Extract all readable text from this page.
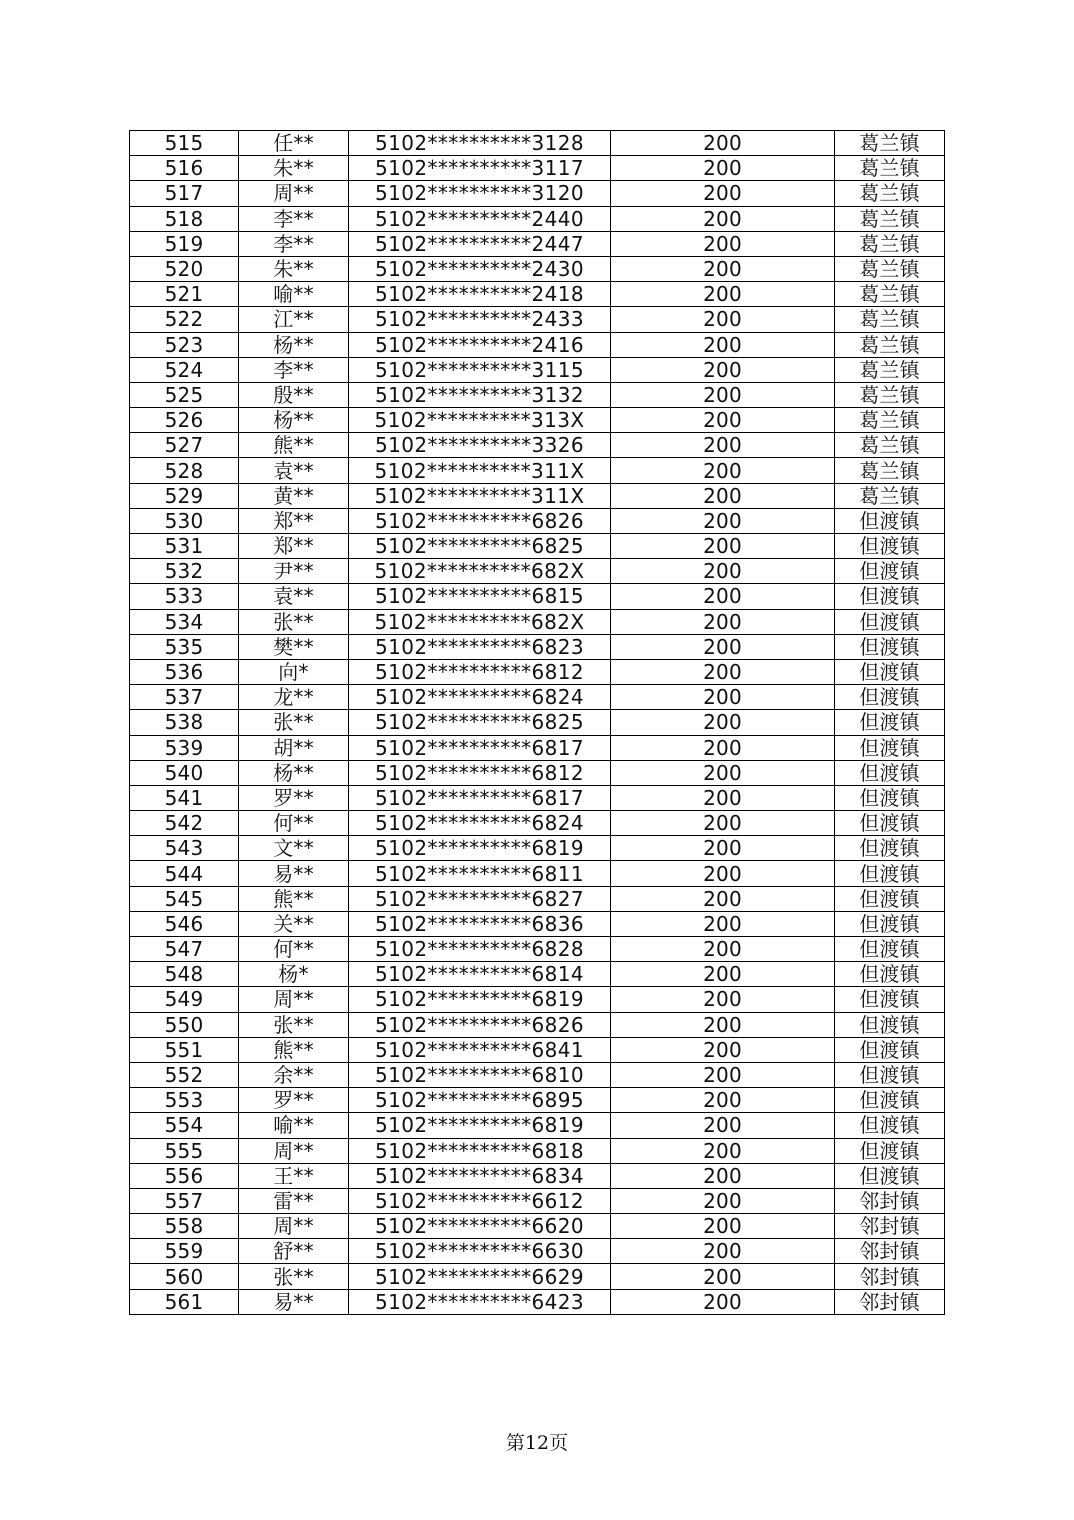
515	任**	5102**********3128	200	葛兰镇
516	朱**	5102**********3117	200	葛兰镇
517	周**	5102**********3120	200	葛兰镇
518	李**	5102**********2440	200	葛兰镇
519	李**	5102**********2447	200	葛兰镇
520	朱**	5102**********2430	200	葛兰镇
521	喻**	5102**********2418	200	葛兰镇
522	江**	5102**********2433	200	葛兰镇
523	杨**	5102**********2416	200	葛兰镇
524	李**	5102**********3115	200	葛兰镇
525	殷**	5102**********3132	200	葛兰镇
526	杨**	5102**********313X	200	葛兰镇
527	熊**	5102**********3326	200	葛兰镇
528	袁**	5102**********311X	200	葛兰镇
529	黄**	5102**********311X	200	葛兰镇
530	郑**	5102**********6826	200	但渡镇
531	郑**	5102**********6825	200	但渡镇
532	尹**	5102**********682X	200	但渡镇
533	袁**	5102**********6815	200	但渡镇
534	张**	5102**********682X	200	但渡镇
535	樊**	5102**********6823	200	但渡镇
536	向*	5102**********6812	200	但渡镇
537	龙**	5102**********6824	200	但渡镇
538	张**	5102**********6825	200	但渡镇
539	胡**	5102**********6817	200	但渡镇
540	杨**	5102**********6812	200	但渡镇
541	罗**	5102**********6817	200	但渡镇
542	何**	5102**********6824	200	但渡镇
543	文**	5102**********6819	200	但渡镇
544	易**	5102**********6811	200	但渡镇
545	熊**	5102**********6827	200	但渡镇
546	关**	5102**********6836	200	但渡镇
547	何**	5102**********6828	200	但渡镇
548	杨*	5102**********6814	200	但渡镇
549	周**	5102**********6819	200	但渡镇
550	张**	5102**********6826	200	但渡镇
551	熊**	5102**********6841	200	但渡镇
552	余**	5102**********6810	200	但渡镇
553	罗**	5102**********6895	200	但渡镇
554	喻**	5102**********6819	200	但渡镇
555	周**	5102**********6818	200	但渡镇
556	王**	5102**********6834	200	但渡镇
557	雷**	5102**********6612	200	邻封镇
558	周**	5102**********6620	200	邻封镇
559	舒**	5102**********6630	200	邻封镇
560	张**	5102**********6629	200	邻封镇
561	易**	5102**********6423	200	邻封镇
第12页
